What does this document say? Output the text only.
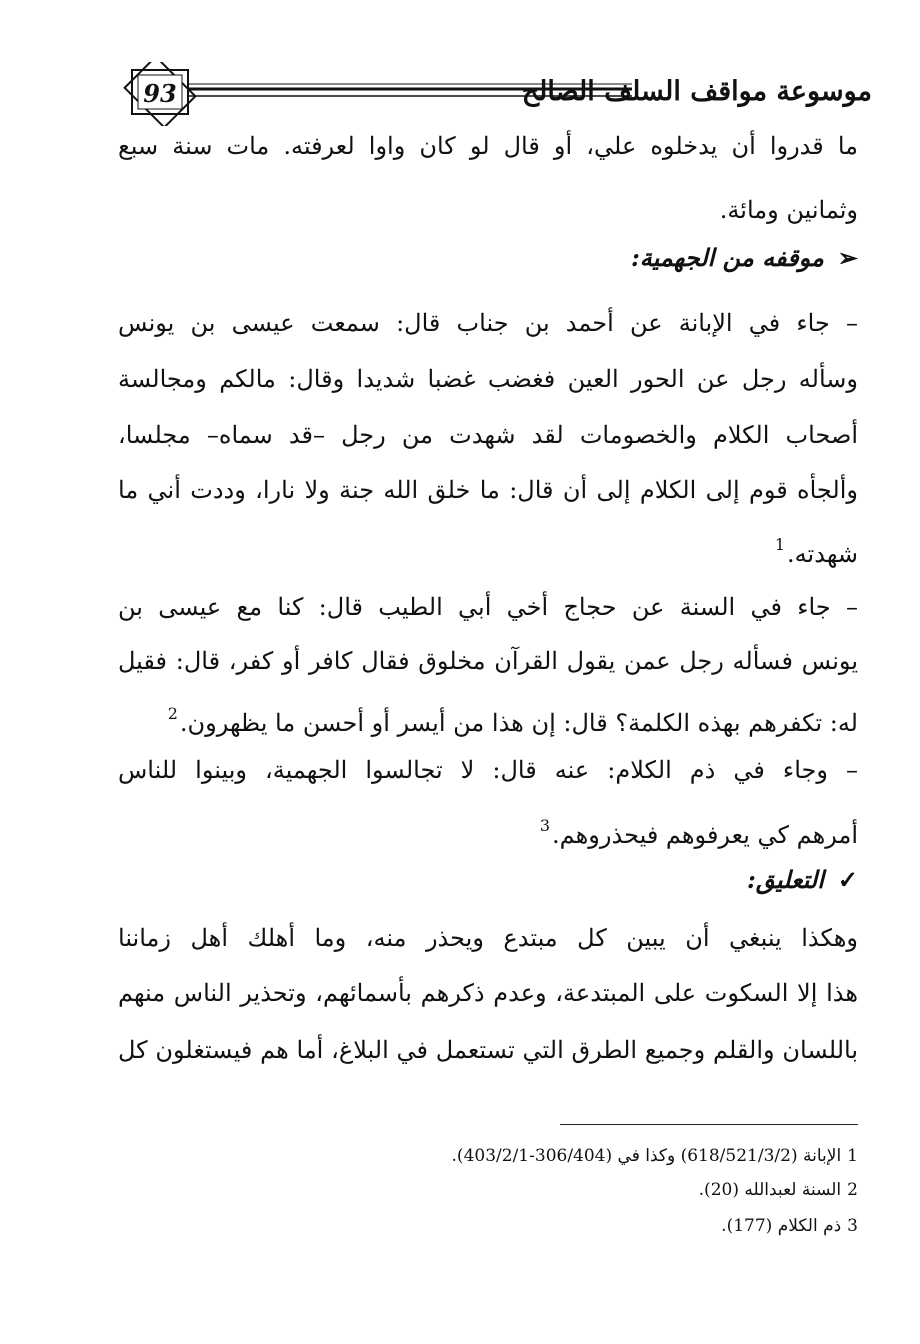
93	موسوعة مواقف السلف الصالح
ما قدروا أن يدخلوه علي، أو قال لو كان واوا لعرفته. مات سنة سبع
وثمانين ومائة.
➢موقفه من الجهمية:
– جاء في الإبانة عن أحمد بن جناب قال: سمعت عيسى بن يونس
وسأله رجل عن الحور العين فغضب غضبا شديدا وقال: مالكم ومجالسة
أصحاب الكلام والخصومات لقد شهدت من رجل –قد سماه– مجلسا،
وألجأه قوم إلى الكلام إلى أن قال: ما خلق الله جنة ولا نارا، وددت أني ما
شهدته.$^1$
– جاء في السنة عن حجاج أخي أبي الطيب قال: كنا مع عيسى بن
يونس فسأله رجل عمن يقول القرآن مخلوق فقال كافر أو كفر، قال: فقيل
له: تكفرهم بهذه الكلمة؟ قال: إن هذا من أيسر أو أحسن ما يظهرون.$^2$
– وجاء في ذم الكلام: عنه قال: لا تجالسوا الجهمية، وبينوا للناس
أمرهم كي يعرفوهم فيحذروهم.$^3$
✓التعليق:
وهكذا ينبغي أن يبين كل مبتدع ويحذر منه، وما أهلك أهل زماننا
هذا إلا السكوت على المبتدعة، وعدم ذكرهم بأسمائهم، وتحذير الناس منهم
باللسان والقلم وجميع الطرق التي تستعمل في البلاغ، أما هم فيستغلون كل
1الإبانة (618/521/3/2) وكذا في (306/404-403/2/1).
2السنة لعبدالله (20).
3ذم الكلام (177).
